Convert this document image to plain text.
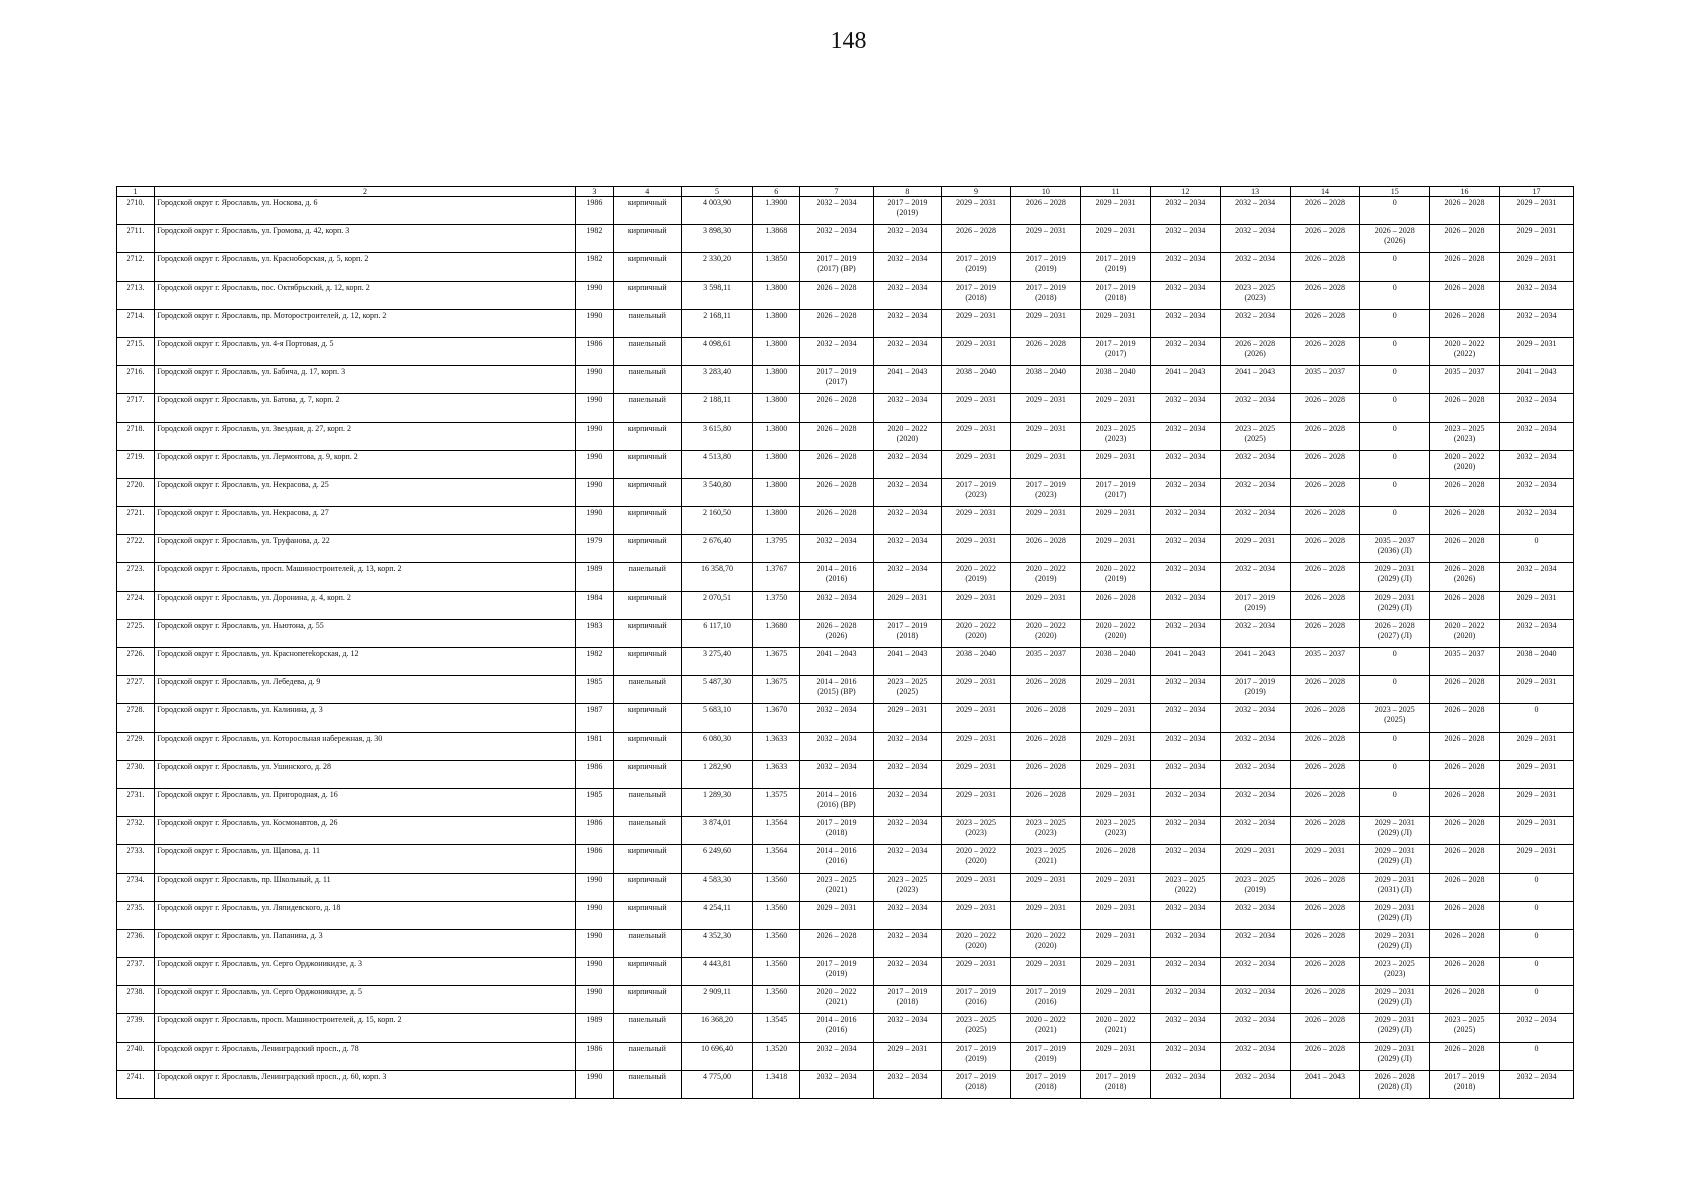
148
1	2	3	4	5	6	7	8	9	10	11	12	13	14	15	16	17

2710.	Городской округ г. Ярославль, ул. Носкова, д. 6	1986	кирпичный	4 003,90	1.3900	2032 – 2034	2017 – 2019
(2019)	2029 – 2031	2026 – 2028	2029 – 2031	2032 – 2034	2032 – 2034	2026 – 2028	0	2026 – 2028	2029 – 2031

2711.	Городской округ г. Ярославль, ул. Громова, д. 42, корп. 3	1982	кирпичный	3 898,30	1.3868	2032 – 2034	2032 – 2034	2026 – 2028	2029 – 2031	2029 – 2031	2032 – 2034	2032 – 2034	2026 – 2028	2026 – 2028
(2026)	2026 – 2028	2029 – 2031

2712.	Городской округ г. Ярославль, ул. Красноборская, д. 5, корп. 2	1982	кирпичный	2 330,20	1.3850	2017 – 2019
(2017) (ВР)	2032 – 2034	2017 – 2019
(2019)	2017 – 2019
(2019)	2017 – 2019
(2019)	2032 – 2034	2032 – 2034	2026 – 2028	0	2026 – 2028	2029 – 2031

2713.	Городской округ г. Ярославль, пос. Октябрьский, д. 12, корп. 2	1990	кирпичный	3 598,11	1.3800	2026 – 2028	2032 – 2034	2017 – 2019
(2018)	2017 – 2019
(2018)	2017 – 2019
(2018)	2032 – 2034	2023 – 2025
(2023)	2026 – 2028	0	2026 – 2028	2032 – 2034

2714.	Городской округ г. Ярославль, пр. Моторостроителей, д. 12, корп. 2	1990	панельный	2 168,11	1.3800	2026 – 2028	2032 – 2034	2029 – 2031	2029 – 2031	2029 – 2031	2032 – 2034	2032 – 2034	2026 – 2028	0	2026 – 2028	2032 – 2034

2715.	Городской округ г. Ярославль, ул. 4-я Портовая, д. 5	1986	панельный	4 098,61	1.3800	2032 – 2034	2032 – 2034	2029 – 2031	2026 – 2028	2017 – 2019
(2017)	2032 – 2034	2026 – 2028
(2026)	2026 – 2028	0	2020 – 2022
(2022)	2029 – 2031

2716.	Городской округ г. Ярославль, ул. Бабича, д. 17, корп. 3	1990	панельный	3 283,40	1.3800	2017 – 2019
(2017)	2041 – 2043	2038 – 2040	2038 – 2040	2038 – 2040	2041 – 2043	2041 – 2043	2035 – 2037	0	2035 – 2037	2041 – 2043

2717.	Городской округ г. Ярославль, ул. Батова, д. 7, корп. 2	1990	панельный	2 188,11	1.3800	2026 – 2028	2032 – 2034	2029 – 2031	2029 – 2031	2029 – 2031	2032 – 2034	2032 – 2034	2026 – 2028	0	2026 – 2028	2032 – 2034

2718.	Городской округ г. Ярославль, ул. Звездная, д. 27, корп. 2	1990	кирпичный	3 615,80	1.3800	2026 – 2028	2020 – 2022
(2020)	2029 – 2031	2029 – 2031	2023 – 2025
(2023)	2032 – 2034	2023 – 2025
(2025)	2026 – 2028	0	2023 – 2025
(2023)	2032 – 2034

2719.	Городской округ г. Ярославль, ул. Лермонтова, д. 9, корп. 2	1990	кирпичный	4 513,80	1.3800	2026 – 2028	2032 – 2034	2029 – 2031	2029 – 2031	2029 – 2031	2032 – 2034	2032 – 2034	2026 – 2028	0	2020 – 2022
(2020)	2032 – 2034

2720.	Городской округ г. Ярославль, ул. Некрасова, д. 25	1990	кирпичный	3 540,80	1.3800	2026 – 2028	2032 – 2034	2017 – 2019
(2023)	2017 – 2019
(2023)	2017 – 2019
(2017)	2032 – 2034	2032 – 2034	2026 – 2028	0	2026 – 2028	2032 – 2034

2721.	Городской округ г. Ярославль, ул. Некрасова, д. 27	1990	кирпичный	2 160,50	1.3800	2026 – 2028	2032 – 2034	2029 – 2031	2029 – 2031	2029 – 2031	2032 – 2034	2032 – 2034	2026 – 2028	0	2026 – 2028	2032 – 2034

2722.	Городской округ г. Ярославль, ул. Труфанова, д. 22	1979	кирпичный	2 676,40	1.3795	2032 – 2034	2032 – 2034	2029 – 2031	2026 – 2028	2029 – 2031	2032 – 2034	2029 – 2031	2026 – 2028	2035 – 2037
(2036) (Л)	2026 – 2028	0

2723.	Городской округ г. Ярославль, просп. Машиностроителей, д. 13, корп. 2	1989	панельный	16 358,70	1.3767	2014 – 2016
(2016)	2032 – 2034	2020 – 2022
(2019)	2020 – 2022
(2019)	2020 – 2022
(2019)	2032 – 2034	2032 – 2034	2026 – 2028	2029 – 2031
(2029) (Л)	2026 – 2028
(2026)	2032 – 2034

2724.	Городской округ г. Ярославль, ул. Доронина, д. 4, корп. 2	1984	кирпичный	2 070,51	1.3750	2032 – 2034	2029 – 2031	2029 – 2031	2029 – 2031	2026 – 2028	2032 – 2034	2017 – 2019
(2019)	2026 – 2028	2029 – 2031
(2029) (Л)	2026 – 2028	2029 – 2031

2725.	Городской округ г. Ярославль, ул. Ньютона, д. 55	1983	кирпичный	6 117,10	1.3680	2026 – 2028
(2026)	2017 – 2019
(2018)	2020 – 2022
(2020)	2020 – 2022
(2020)	2020 – 2022
(2020)	2032 – 2034	2032 – 2034	2026 – 2028	2026 – 2028
(2027) (Л)	2020 – 2022
(2020)	2032 – 2034

2726.	Городской округ г. Ярославль, ул. Краснопerekopская, д. 12	1982	кирпичный	3 275,40	1.3675	2041 – 2043	2041 – 2043	2038 – 2040	2035 – 2037	2038 – 2040	2041 – 2043	2041 – 2043	2035 – 2037	0	2035 – 2037	2038 – 2040

2727.	Городской округ г. Ярославль, ул. Лебедева, д. 9	1985	панельный	5 487,30	1.3675	2014 – 2016
(2015) (ВР)	2023 – 2025
(2025)	2029 – 2031	2026 – 2028	2029 – 2031	2032 – 2034	2017 – 2019
(2019)	2026 – 2028	0	2026 – 2028	2029 – 2031

2728.	Городской округ г. Ярославль, ул. Калинина, д. 3	1987	кирпичный	5 683,10	1.3670	2032 – 2034	2029 – 2031	2029 – 2031	2026 – 2028	2029 – 2031	2032 – 2034	2032 – 2034	2026 – 2028	2023 – 2025
(2025)	2026 – 2028	0

2729.	Городской округ г. Ярославль, ул. Которосльная набережная, д. 30	1981	кирпичный	6 080,30	1.3633	2032 – 2034	2032 – 2034	2029 – 2031	2026 – 2028	2029 – 2031	2032 – 2034	2032 – 2034	2026 – 2028	0	2026 – 2028	2029 – 2031

2730.	Городской округ г. Ярославль, ул. Ушинского, д. 28	1986	кирпичный	1 282,90	1.3633	2032 – 2034	2032 – 2034	2029 – 2031	2026 – 2028	2029 – 2031	2032 – 2034	2032 – 2034	2026 – 2028	0	2026 – 2028	2029 – 2031

2731.	Городской округ г. Ярославль, ул. Пригородная, д. 16	1985	панельный	1 289,30	1.3575	2014 – 2016
(2016) (ВР)	2032 – 2034	2029 – 2031	2026 – 2028	2029 – 2031	2032 – 2034	2032 – 2034	2026 – 2028	0	2026 – 2028	2029 – 2031

2732.	Городской округ г. Ярославль, ул. Космонавтов, д. 26	1986	панельный	3 874,01	1.3564	2017 – 2019
(2018)	2032 – 2034	2023 – 2025
(2023)	2023 – 2025
(2023)	2023 – 2025
(2023)	2032 – 2034	2032 – 2034	2026 – 2028	2029 – 2031
(2029) (Л)	2026 – 2028	2029 – 2031

2733.	Городской округ г. Ярославль, ул. Щапова, д. 11	1986	кирпичный	6 249,60	1.3564	2014 – 2016
(2016)	2032 – 2034	2020 – 2022
(2020)	2023 – 2025
(2021)	2026 – 2028	2032 – 2034	2029 – 2031	2029 – 2031	2029 – 2031
(2029) (Л)	2026 – 2028	2029 – 2031

2734.	Городской округ г. Ярославль, пр. Школьный, д. 11	1990	кирпичный	4 583,30	1.3560	2023 – 2025
(2021)	2023 – 2025
(2023)	2029 – 2031	2029 – 2031	2029 – 2031	2023 – 2025
(2022)	2023 – 2025
(2019)	2026 – 2028	2029 – 2031
(2031) (Л)	2026 – 2028	0

2735.	Городской округ г. Ярославль, ул. Ляпидевского, д. 18	1990	кирпичный	4 254,11	1.3560	2029 – 2031	2032 – 2034	2029 – 2031	2029 – 2031	2029 – 2031	2032 – 2034	2032 – 2034	2026 – 2028	2029 – 2031
(2029) (Л)	2026 – 2028	0

2736.	Городской округ г. Ярославль, ул. Папанина, д. 3	1990	панельный	4 352,30	1.3560	2026 – 2028	2032 – 2034	2020 – 2022
(2020)	2020 – 2022
(2020)	2029 – 2031	2032 – 2034	2032 – 2034	2026 – 2028	2029 – 2031
(2029) (Л)	2026 – 2028	0

2737.	Городской округ г. Ярославль, ул. Серго Орджоникидзе, д. 3	1990	кирпичный	4 443,81	1.3560	2017 – 2019
(2019)	2032 – 2034	2029 – 2031	2029 – 2031	2029 – 2031	2032 – 2034	2032 – 2034	2026 – 2028	2023 – 2025
(2023)	2026 – 2028	0

2738.	Городской округ г. Ярославль, ул. Серго Орджоникидзе, д. 5	1990	кирпичный	2 909,11	1.3560	2020 – 2022
(2021)	2017 – 2019
(2018)	2017 – 2019
(2016)	2017 – 2019
(2016)	2029 – 2031	2032 – 2034	2032 – 2034	2026 – 2028	2029 – 2031
(2029) (Л)	2026 – 2028	0

2739.	Городской округ г. Ярославль, просп. Машиностроителей, д. 15, корп. 2	1989	панельный	16 368,20	1.3545	2014 – 2016
(2016)	2032 – 2034	2023 – 2025
(2025)	2020 – 2022
(2021)	2020 – 2022
(2021)	2032 – 2034	2032 – 2034	2026 – 2028	2029 – 2031
(2029) (Л)	2023 – 2025
(2025)	2032 – 2034

2740.	Городской округ г. Ярославль, Ленинградский просп., д. 78	1986	панельный	10 696,40	1.3520	2032 – 2034	2029 – 2031	2017 – 2019
(2019)	2017 – 2019
(2019)	2029 – 2031	2032 – 2034	2032 – 2034	2026 – 2028	2029 – 2031
(2029) (Л)	2026 – 2028	0

2741.	Городской округ г. Ярославль, Ленинградский просп., д. 60, корп. 3	1990	панельный	4 775,00	1.3418	2032 – 2034	2032 – 2034	2017 – 2019
(2018)	2017 – 2019
(2018)	2017 – 2019
(2018)	2032 – 2034	2032 – 2034	2041 – 2043	2026 – 2028
(2028) (Л)	2017 – 2019
(2018)	2032 – 2034
